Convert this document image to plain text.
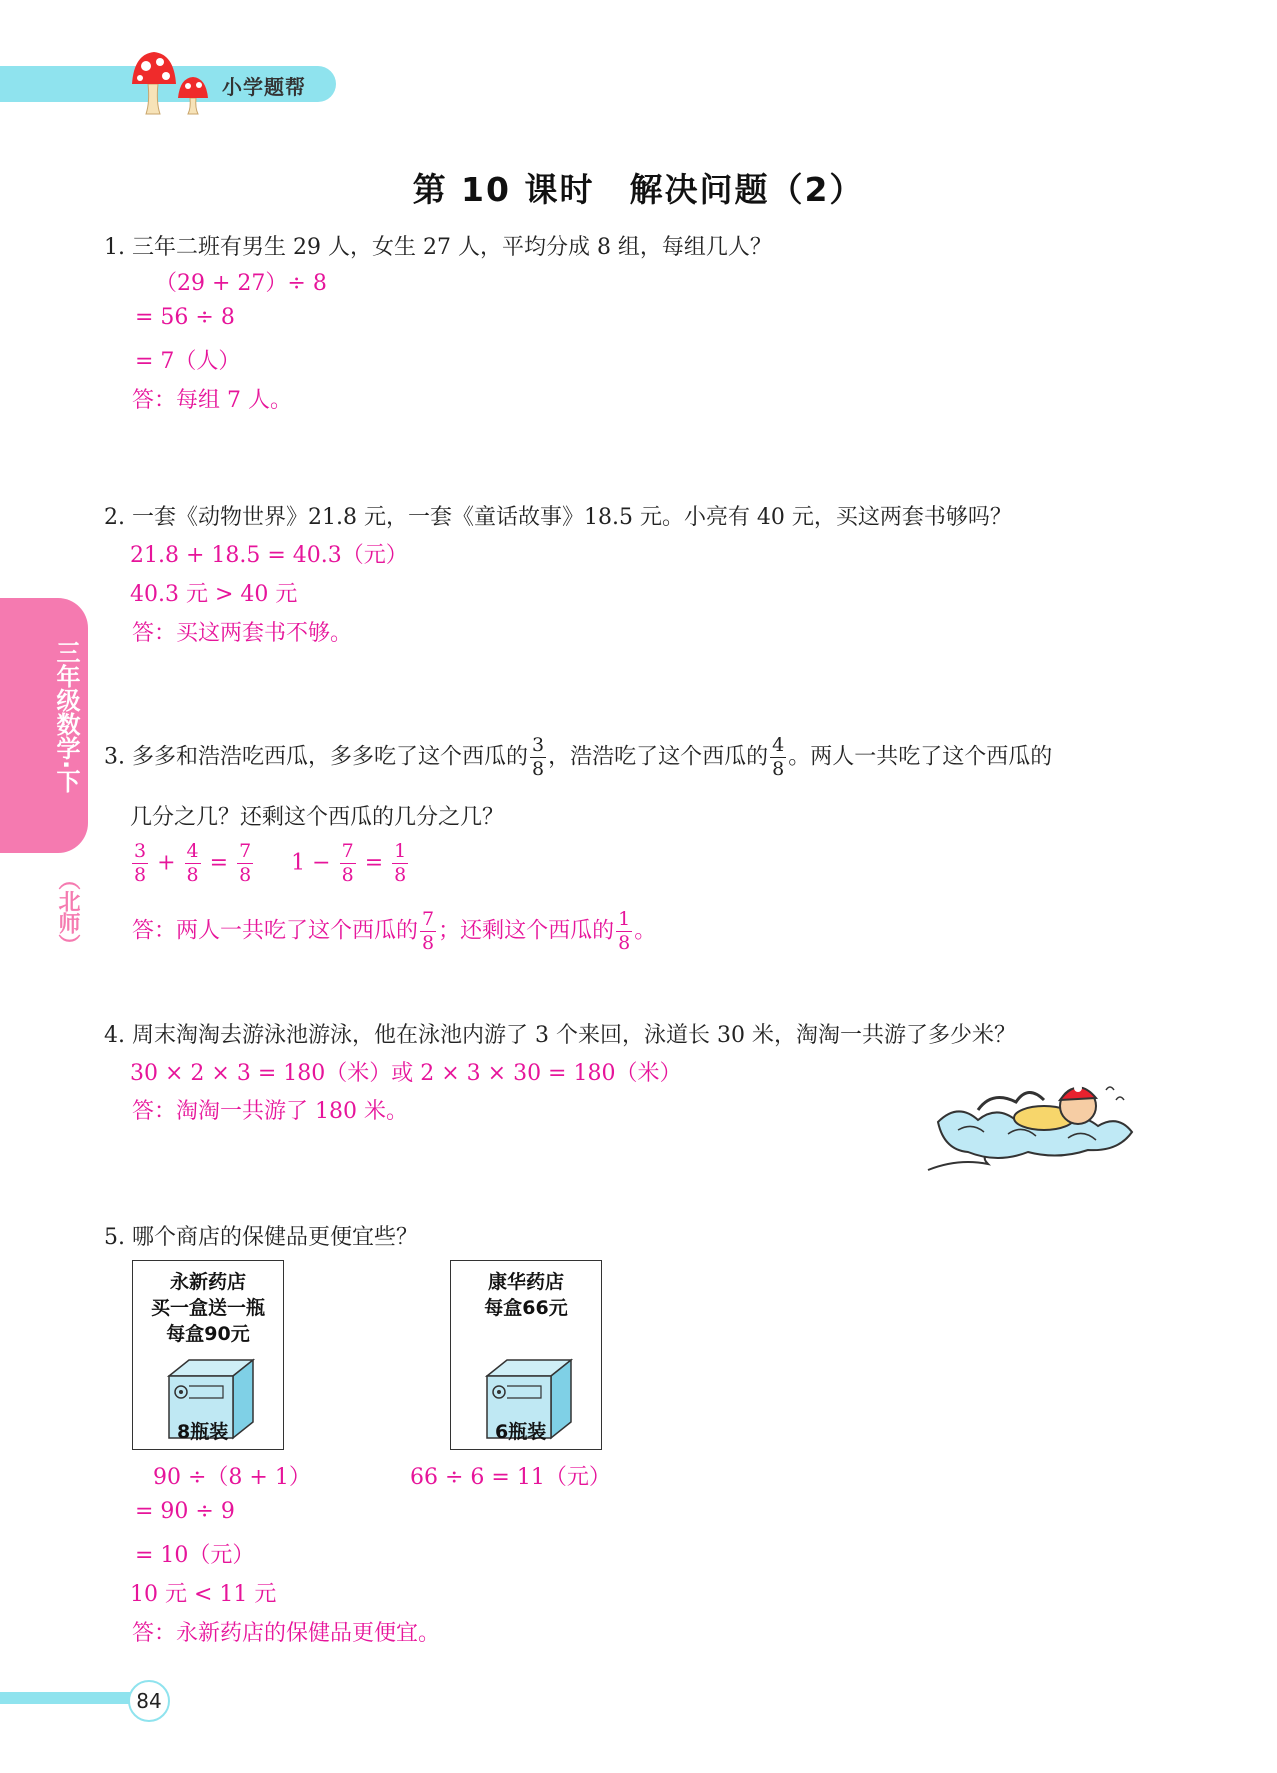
小学题帮
三年级数学·下
（北师）
第 10 课时　解决问题（2）
1. 三年二班有男生 29 人，女生 27 人，平均分成 8 组，每组几人？
（29 + 27）÷ 8
= 56 ÷ 8
= 7（人）
答：每组 7 人。
2. 一套《动物世界》21.8 元，一套《童话故事》18.5 元。小亮有 40 元，买这两套书够吗？
21.8 + 18.5 = 40.3（元）
40.3 元 > 40 元
答：买这两套书不够。
3. 多多和浩浩吃西瓜，多多吃了这个西瓜的 $\frac{3}{8}$ ，浩浩吃了这个西瓜的 $\frac{4}{8}$ 。两人一共吃了这个西瓜的
几分之几？还剩这个西瓜的几分之几？
$\frac{3}{8} + \frac{4}{8} = \frac{7}{8} 1 - \frac{7}{8} = \frac{1}{8}$
答：两人一共吃了这个西瓜的 $\frac{7}{8}$ ；还剩这个西瓜的 $\frac{1}{8}$ 。
4. 周末淘淘去游泳池游泳，他在泳池内游了 3 个来回，泳道长 30 米，淘淘一共游了多少米？
30 × 2 × 3 = 180（米）或 2 × 3 × 30 = 180（米）
答：淘淘一共游了 180 米。
5. 哪个商店的保健品更便宜些？
永新药店
买一盒送一瓶
每盒90元
8瓶装
康华药店
每盒66元
6瓶装
90 ÷（8 + 1）	66 ÷ 6 = 11（元）
= 90 ÷ 9
= 10（元）
10 元 < 11 元
答：永新药店的保健品更便宜。
84
